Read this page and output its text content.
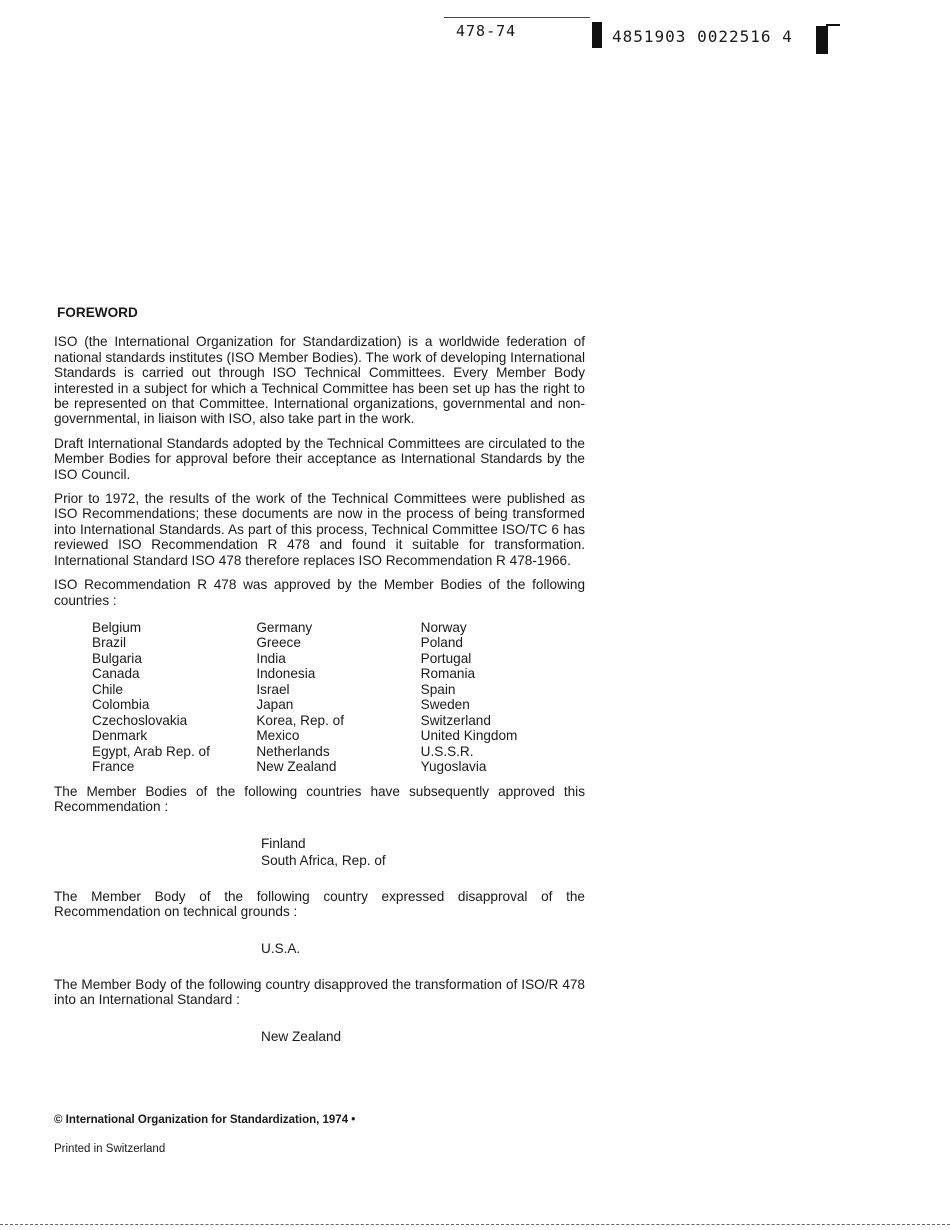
478-74	4851903 0022516 4
FOREWORD

ISO (the International Organization for Standardization) is a worldwide federation of national standards institutes (ISO Member Bodies). The work of developing International Standards is carried out through ISO Technical Committees. Every Member Body interested in a subject for which a Technical Committee has been set up has the right to be represented on that Committee. International organizations, governmental and non-governmental, in liaison with ISO, also take part in the work.

Draft International Standards adopted by the Technical Committees are circulated to the Member Bodies for approval before their acceptance as International Standards by the ISO Council.

Prior to 1972, the results of the work of the Technical Committees were published as ISO Recommendations; these documents are now in the process of being transformed into International Standards. As part of this process, Technical Committee ISO/TC 6 has reviewed ISO Recommendation R 478 and found it suitable for transformation. International Standard ISO 478 therefore replaces ISO Recommendation R 478-1966.

ISO Recommendation R 478 was approved by the Member Bodies of the following countries :

Belgium
Brazil
Bulgaria
Canada
Chile
Colombia
Czechoslovakia
Denmark
Egypt, Arab Rep. of
France
Germany
Greece
India
Indonesia
Israel
Japan
Korea, Rep. of
Mexico
Netherlands
New Zealand
Norway
Poland
Portugal
Romania
Spain
Sweden
Switzerland
United Kingdom
U.S.S.R.
Yugoslavia

The Member Bodies of the following countries have subsequently approved this Recommendation :

Finland
South Africa, Rep. of

The Member Body of the following country expressed disapproval of the Recommendation on technical grounds :

U.S.A.

The Member Body of the following country disapproved the transformation of ISO/R 478 into an International Standard :

New Zealand
© International Organization for Standardization, 1974 •
Printed in Switzerland
